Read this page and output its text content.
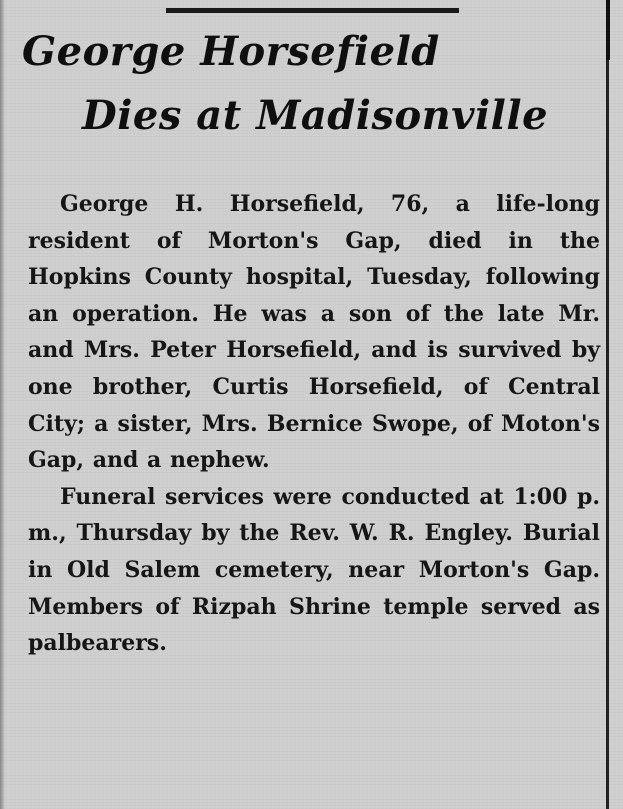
George Horsefield
Dies at Madisonville

George H. Horsefield, 76, a life-long resident of Morton's Gap, died in the Hopkins County hospital, Tuesday, following an operation. He was a son of the late Mr. and Mrs. Peter Horsefield, and is survived by one brother, Curtis Horsefield, of Central City; a sister, Mrs. Bernice Swope, of Moton's Gap, and a nephew.

Funeral services were conducted at 1:00 p. m., Thursday by the Rev. W. R. Engley. Burial in Old Salem cemetery, near Morton's Gap. Members of Rizpah Shrine temple served as palbearers.
